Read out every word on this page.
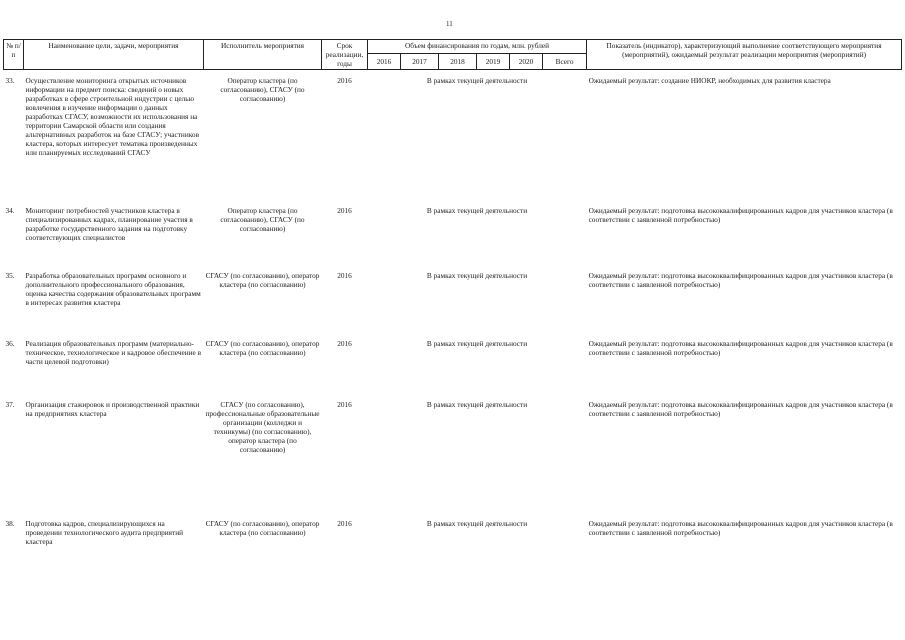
11
№ п/п	Наименование цели, задачи, мероприятия	Исполнитель мероприятия	Срок реализации, годы	Объем финансирования по годам, млн. рублей						Показатель (индикатор), характеризующий выполнение соответствующего мероприятия (мероприятий), ожидаемый результат реализации мероприятия (мероприятий)
				2016	2017	2018	2019	2020	Всего	

33.	Осуществление мониторинга открытых источников информации на предмет поиска: сведений о новых разработках в сфере строительной индустрии с целью вовлечения в изучение информации о данных разработках СГАСУ, возможности их использования на территории Самарской области или создания альтернативных разработок на базе СГАСУ; участников кластера, которых интересует тематика произведенных или планируемых исследований СГАСУ	Оператор кластера (по согласованию), СГАСУ (по согласованию)	2016	В рамках текущей деятельности						Ожидаемый результат: создание НИОКР, необходимых для развития кластера
34.	Мониторинг потребностей участников кластера в специализированных кадрах, планирование участия в разработке государственного задания на подготовку соответствующих специалистов	Оператор кластера (по согласованию), СГАСУ (по согласованию)	2016	В рамках текущей деятельности						Ожидаемый результат: подготовка высококвалифицированных кадров для участников кластера (в соответствии с заявленной потребностью)
35.	Разработка образовательных программ основного и дополнительного профессионального образования, оценка качества содержания образовательных программ в интересах развития кластера	СГАСУ (по согласованию), оператор кластера (по согласованию)	2016	В рамках текущей деятельности						Ожидаемый результат: подготовка высококвалифицированных кадров для участников кластера (в соответствии с заявленной потребностью)
36.	Реализация образовательных программ (материально-техническое, технологическое и кадровое обеспечение в части целевой подготовки)	СГАСУ (по согласованию), оператор кластера (по согласованию)	2016	В рамках текущей деятельности						Ожидаемый результат: подготовка высококвалифицированных кадров для участников кластера (в соответствии с заявленной потребностью)
37.	Организация стажировок и производственной практики на предприятиях кластера	СГАСУ (по согласованию), профессиональные образовательные организации (колледжи и техникумы) (по согласованию), оператор кластера (по согласованию)	2016	В рамках текущей деятельности						Ожидаемый результат: подготовка высококвалифицированных кадров для участников кластера (в соответствии с заявленной потребностью)
38.	Подготовка кадров, специализирующихся на проведении технологического аудита предприятий кластера	СГАСУ (по согласованию), оператор кластера (по согласованию)	2016	В рамках текущей деятельности						Ожидаемый результат: подготовка высококвалифицированных кадров для участников кластера (в соответствии с заявленной потребностью)
